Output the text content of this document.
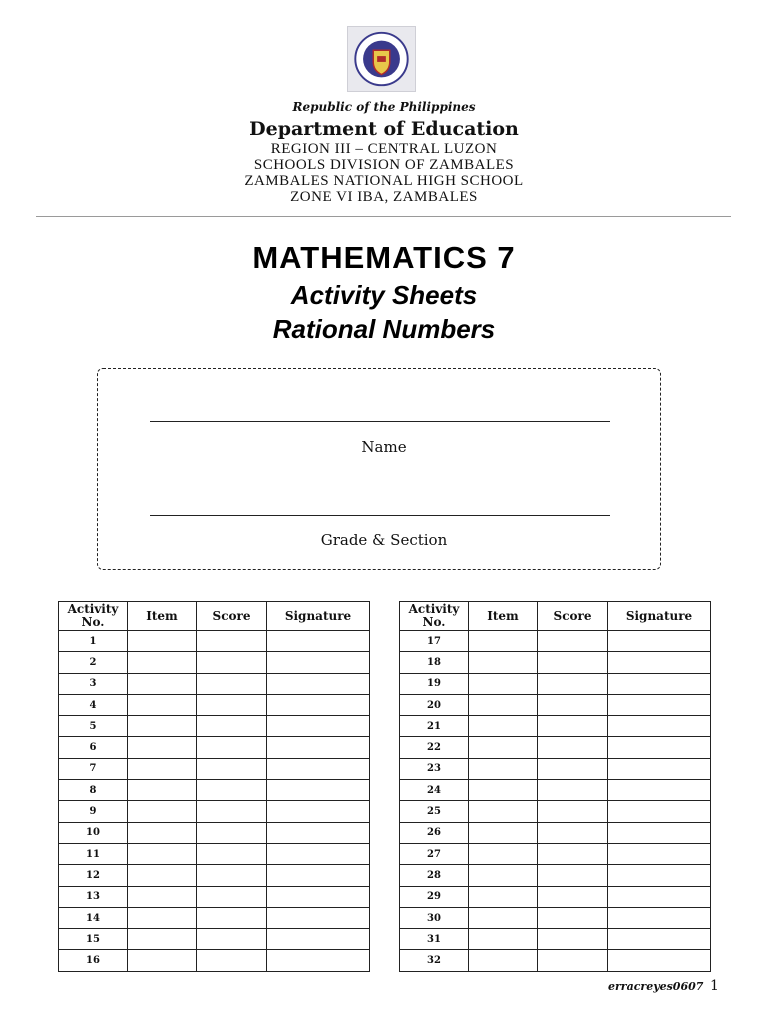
Republic of the Philippines
Department of Education
REGION III – CENTRAL LUZON
SCHOOLS DIVISION OF ZAMBALES
ZAMBALES NATIONAL HIGH SCHOOL
ZONE VI IBA, ZAMBALES
MATHEMATICS 7
Activity Sheets
Rational Numbers
Name
Grade & Section
Activity No.	Item	Score	Signature
1			
2			
3			
4			
5			
6			
7			
8			
9			
10			
11			
12			
13			
14			
15			
16			
Activity No.	Item	Score	Signature
17			
18			
19			
20			
21			
22			
23			
24			
25			
26			
27			
28			
29			
30			
31			
32			
erracreyes0607 1
